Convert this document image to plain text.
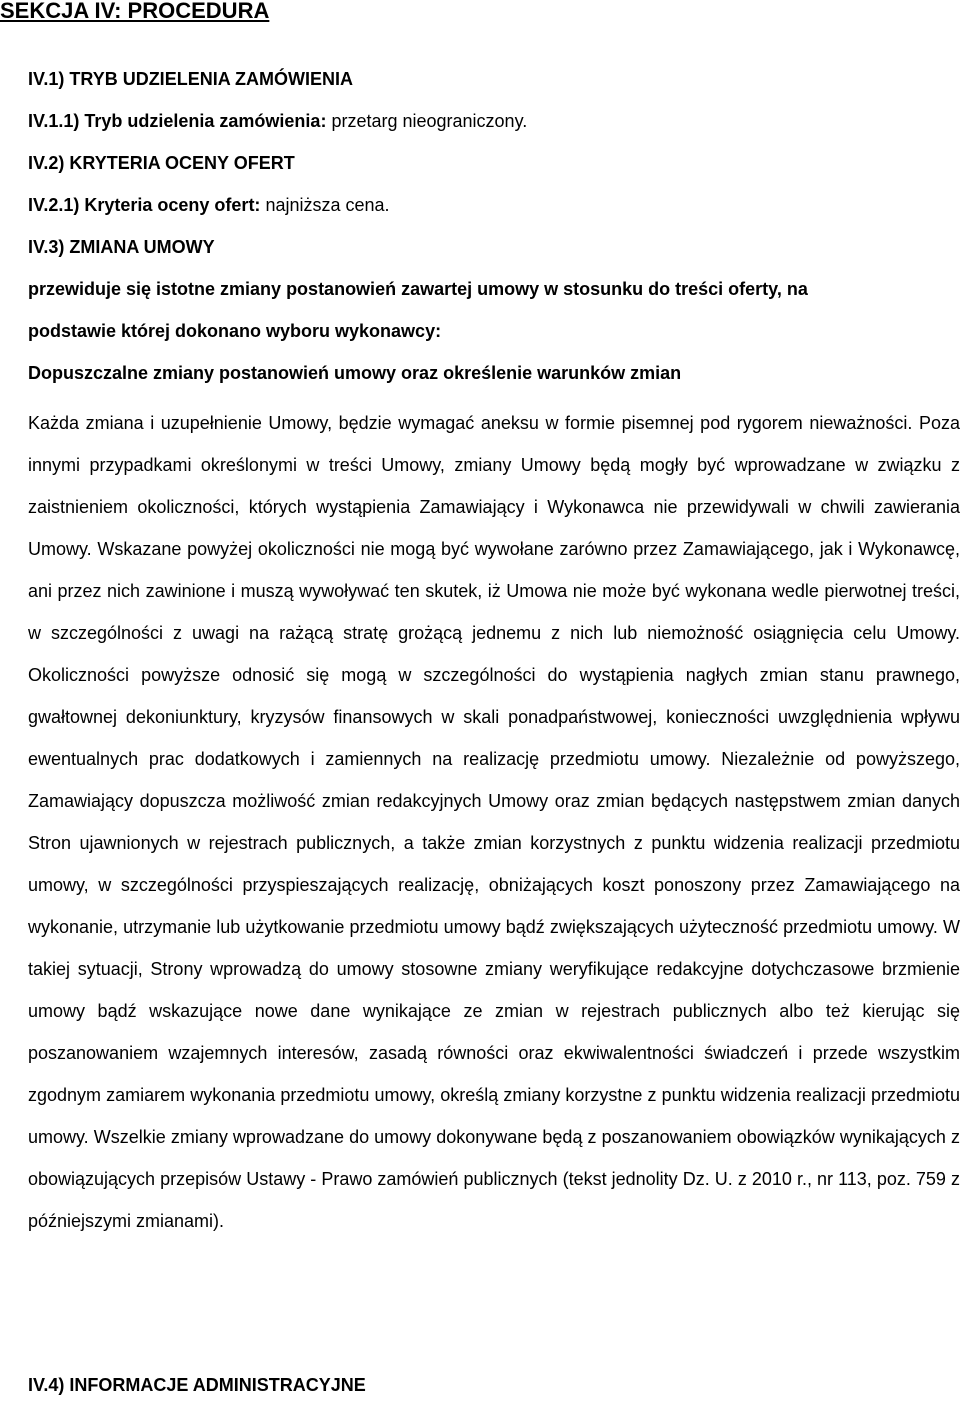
SEKCJA IV: PROCEDURA

IV.1) TRYB UDZIELENIA ZAMÓWIENIA

IV.1.1) Tryb udzielenia zamówienia: przetarg nieograniczony.

IV.2) KRYTERIA OCENY OFERT

IV.2.1) Kryteria oceny ofert: najniższa cena.

IV.3) ZMIANA UMOWY

przewiduje się istotne zmiany postanowień zawartej umowy w stosunku do treści oferty, na

podstawie której dokonano wyboru wykonawcy:

Dopuszczalne zmiany postanowień umowy oraz określenie warunków zmian

Każda zmiana i uzupełnienie Umowy, będzie wymagać aneksu w formie pisemnej pod rygorem nieważności. Poza innymi przypadkami określonymi w treści Umowy, zmiany Umowy będą mogły być wprowadzane w związku z zaistnieniem okoliczności, których wystąpienia Zamawiający i Wykonawca nie przewidywali w chwili zawierania Umowy. Wskazane powyżej okoliczności nie mogą być wywołane zarówno przez Zamawiającego, jak i Wykonawcę, ani przez nich zawinione i muszą wywoływać ten skutek, iż Umowa nie może być wykonana wedle pierwotnej treści, w szczególności z uwagi na rażącą stratę grożącą jednemu z nich lub niemożność osiągnięcia celu Umowy. Okoliczności powyższe odnosić się mogą w szczególności do wystąpienia nagłych zmian stanu prawnego, gwałtownej dekoniunktury, kryzysów finansowych w skali ponadpaństwowej, konieczności uwzględnienia wpływu ewentualnych prac dodatkowych i zamiennych na realizację przedmiotu umowy. Niezależnie od powyższego, Zamawiający dopuszcza możliwość zmian redakcyjnych Umowy oraz zmian będących następstwem zmian danych Stron ujawnionych w rejestrach publicznych, a także zmian korzystnych z punktu widzenia realizacji przedmiotu umowy, w szczególności przyspieszających realizację, obniżających koszt ponoszony przez Zamawiającego na wykonanie, utrzymanie lub użytkowanie przedmiotu umowy bądź zwiększających użyteczność przedmiotu umowy. W takiej sytuacji, Strony wprowadzą do umowy stosowne zmiany weryfikujące redakcyjne dotychczasowe brzmienie umowy bądź wskazujące nowe dane wynikające ze zmian w rejestrach publicznych albo też kierując się poszanowaniem wzajemnych interesów, zasadą równości oraz ekwiwalentności świadczeń i przede wszystkim zgodnym zamiarem wykonania przedmiotu umowy, określą zmiany korzystne z punktu widzenia realizacji przedmiotu umowy. Wszelkie zmiany wprowadzane do umowy dokonywane będą z poszanowaniem obowiązków wynikających z obowiązujących przepisów Ustawy - Prawo zamówień publicznych (tekst jednolity Dz. U. z 2010 r., nr 113, poz. 759 z późniejszymi zmianami).

IV.4) INFORMACJE ADMINISTRACYJNE
